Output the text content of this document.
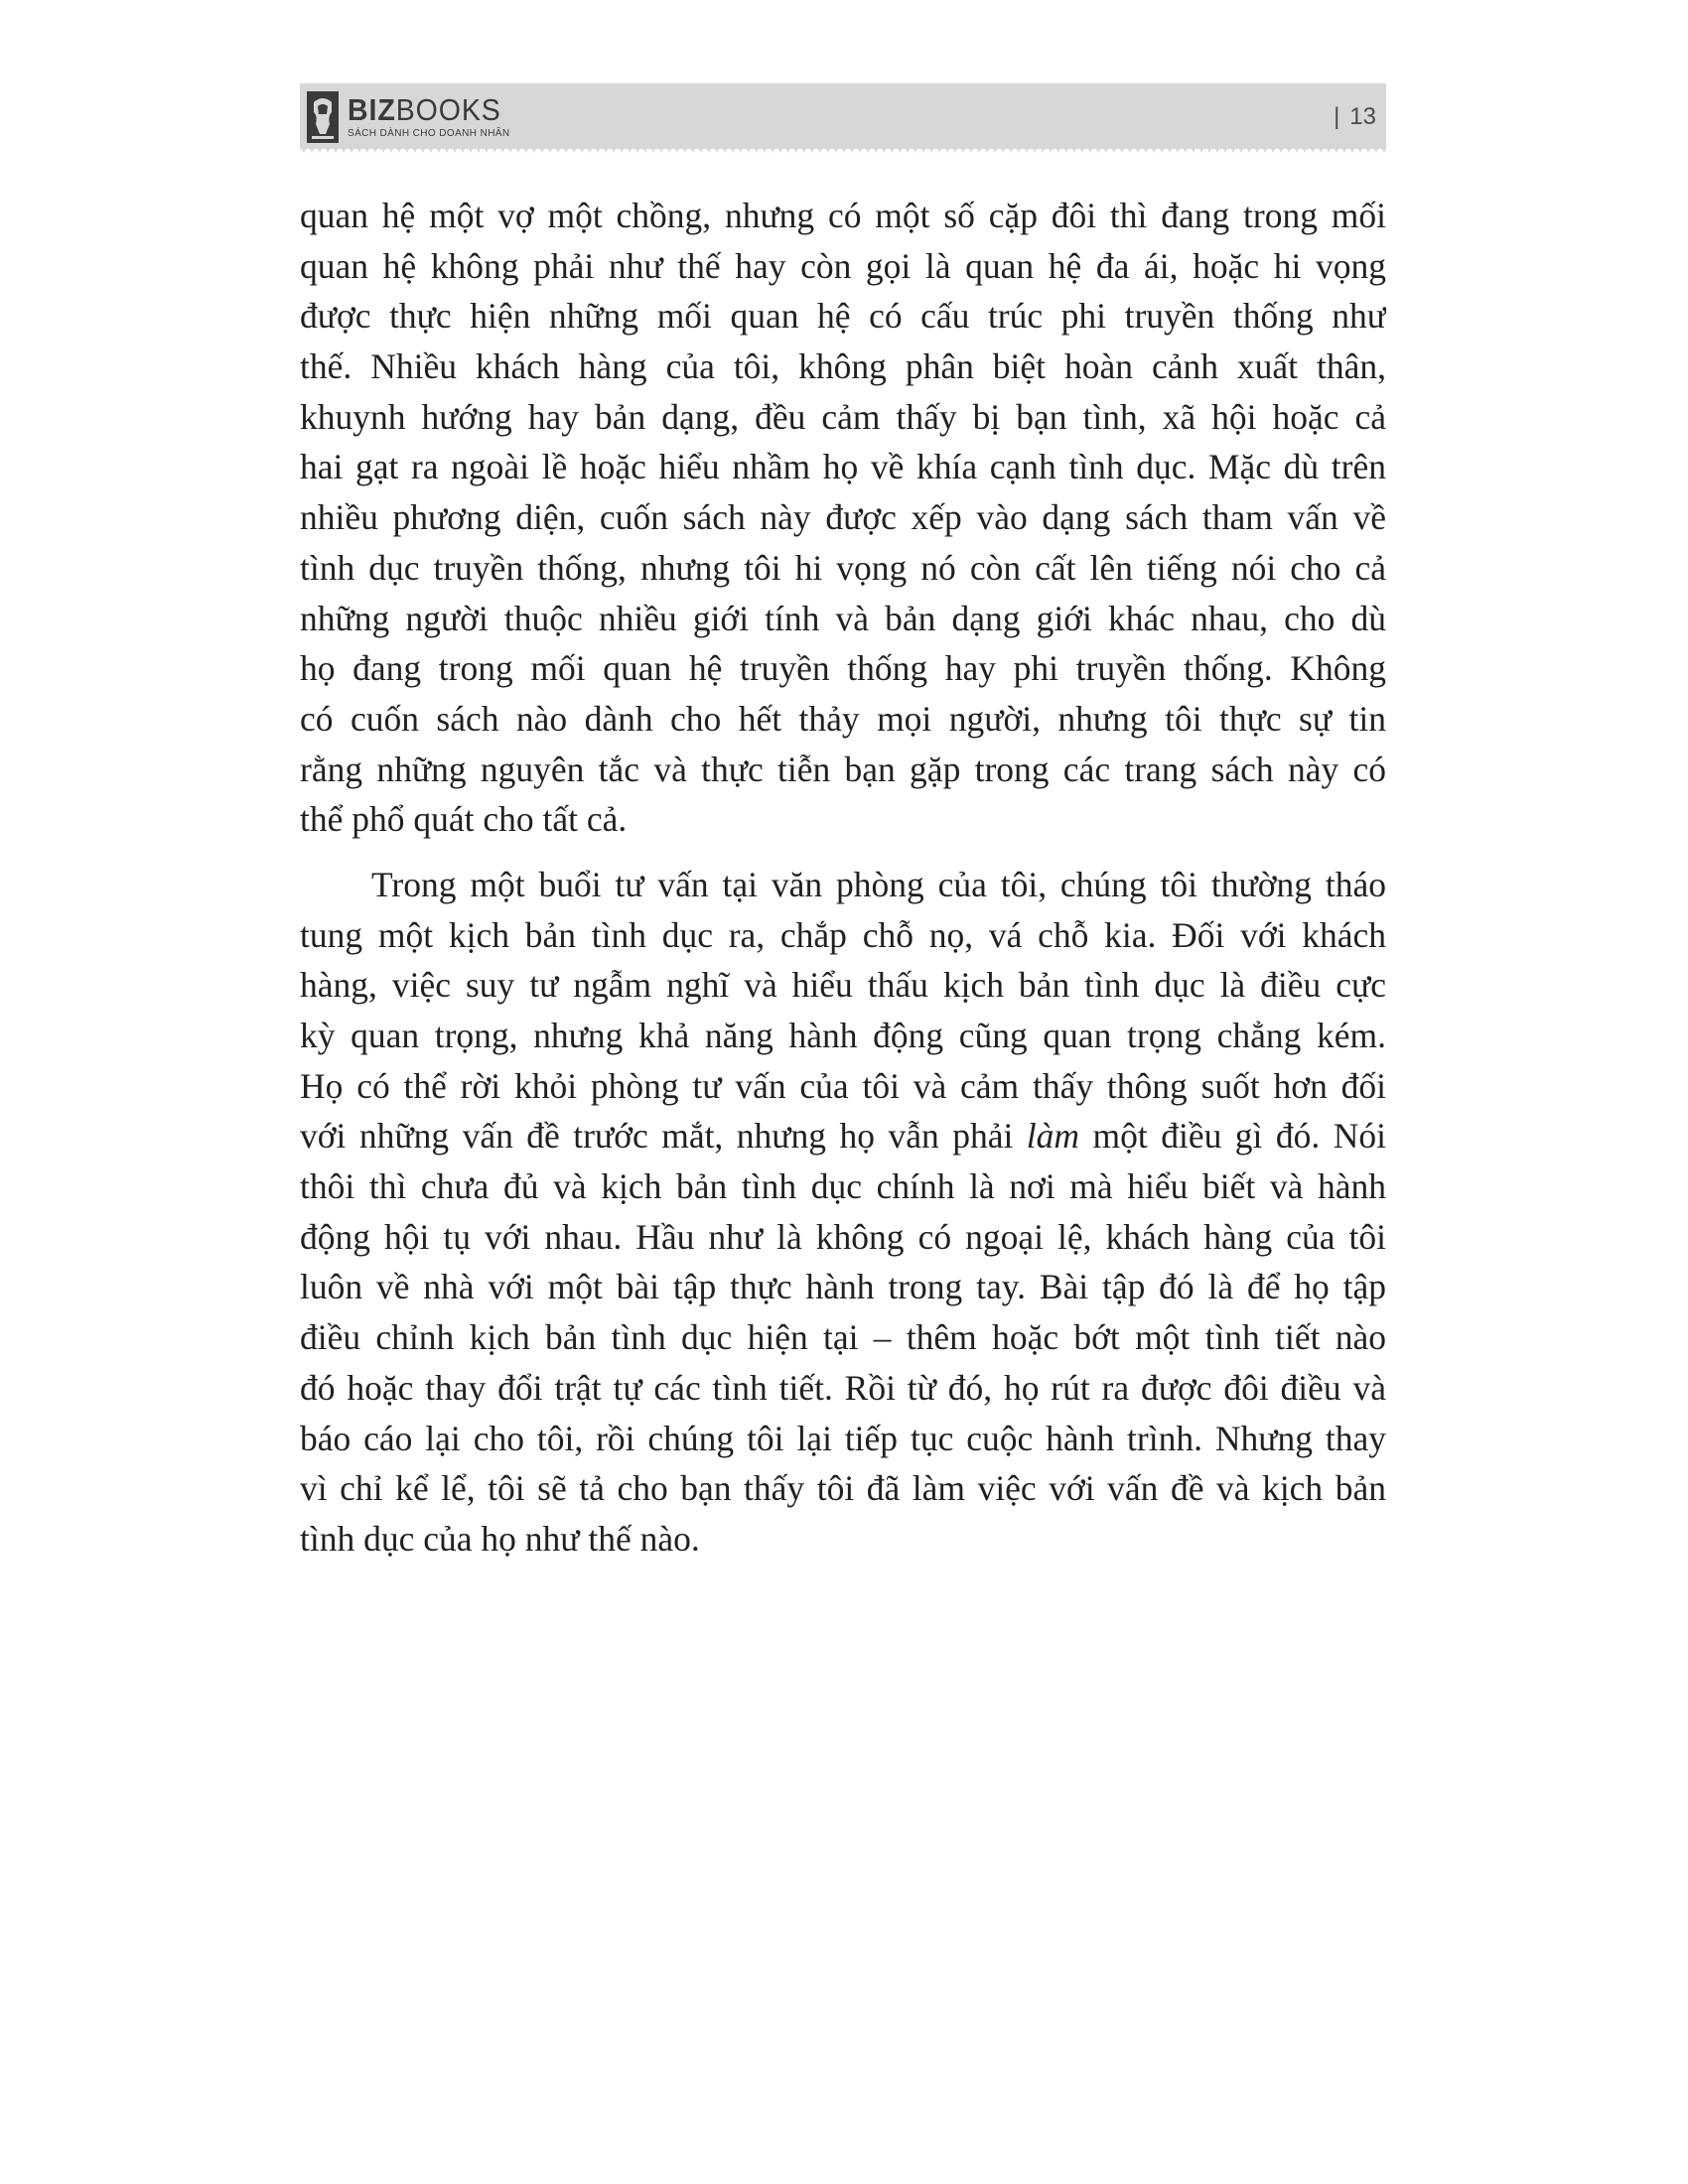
BIZBOOKS
SÁCH DÀNH CHO DOANH NHÂN
| 13
quan hệ một vợ một chồng, nhưng có một số cặp đôi thì đang trong mối
quan hệ không phải như thế hay còn gọi là quan hệ đa ái, hoặc hi vọng
được thực hiện những mối quan hệ có cấu trúc phi truyền thống như
thế. Nhiều khách hàng của tôi, không phân biệt hoàn cảnh xuất thân,
khuynh hướng hay bản dạng, đều cảm thấy bị bạn tình, xã hội hoặc cả
hai gạt ra ngoài lề hoặc hiểu nhầm họ về khía cạnh tình dục. Mặc dù trên
nhiều phương diện, cuốn sách này được xếp vào dạng sách tham vấn về
tình dục truyền thống, nhưng tôi hi vọng nó còn cất lên tiếng nói cho cả
những người thuộc nhiều giới tính và bản dạng giới khác nhau, cho dù
họ đang trong mối quan hệ truyền thống hay phi truyền thống. Không
có cuốn sách nào dành cho hết thảy mọi người, nhưng tôi thực sự tin
rằng những nguyên tắc và thực tiễn bạn gặp trong các trang sách này có
thể phổ quát cho tất cả.
Trong một buổi tư vấn tại văn phòng của tôi, chúng tôi thường tháo
tung một kịch bản tình dục ra, chắp chỗ nọ, vá chỗ kia. Đối với khách
hàng, việc suy tư ngẫm nghĩ và hiểu thấu kịch bản tình dục là điều cực
kỳ quan trọng, nhưng khả năng hành động cũng quan trọng chẳng kém.
Họ có thể rời khỏi phòng tư vấn của tôi và cảm thấy thông suốt hơn đối
với những vấn đề trước mắt, nhưng họ vẫn phải làm một điều gì đó. Nói
thôi thì chưa đủ và kịch bản tình dục chính là nơi mà hiểu biết và hành
động hội tụ với nhau. Hầu như là không có ngoại lệ, khách hàng của tôi
luôn về nhà với một bài tập thực hành trong tay. Bài tập đó là để họ tập
điều chỉnh kịch bản tình dục hiện tại – thêm hoặc bớt một tình tiết nào
đó hoặc thay đổi trật tự các tình tiết. Rồi từ đó, họ rút ra được đôi điều và
báo cáo lại cho tôi, rồi chúng tôi lại tiếp tục cuộc hành trình. Nhưng thay
vì chỉ kể lể, tôi sẽ tả cho bạn thấy tôi đã làm việc với vấn đề và kịch bản
tình dục của họ như thế nào.
